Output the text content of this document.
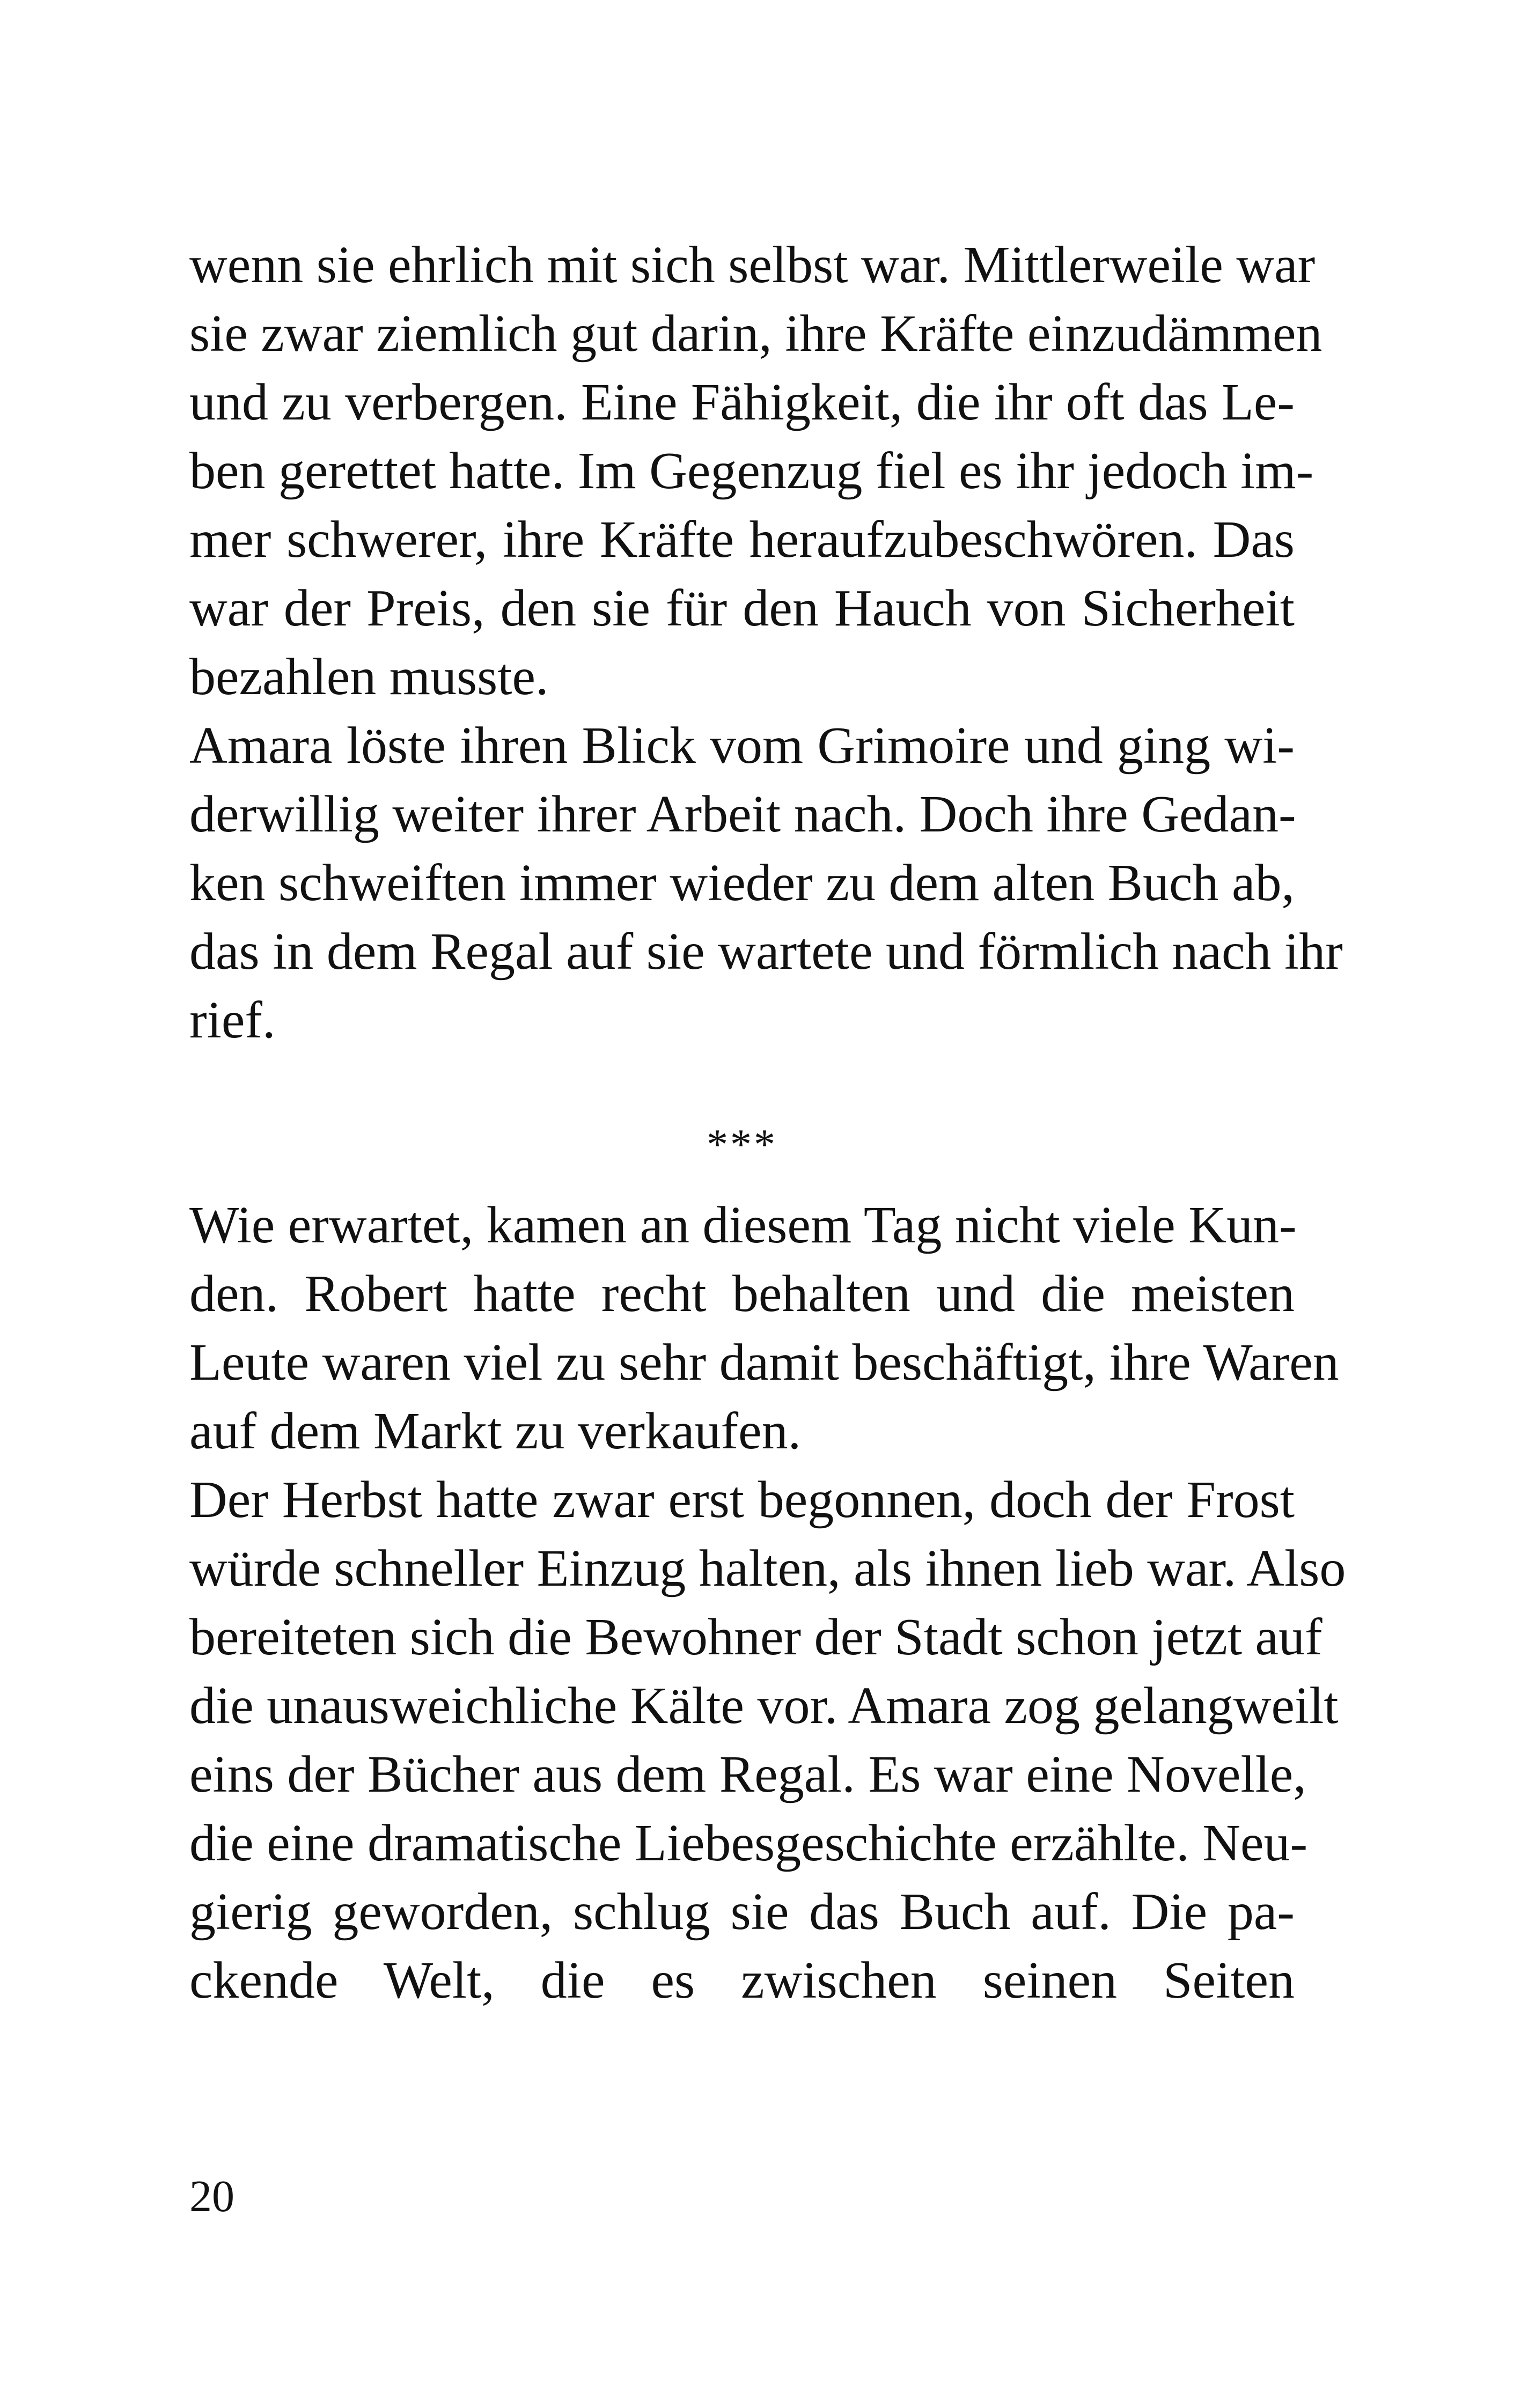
wenn sie ehrlich mit sich selbst war. Mittlerweile war
sie zwar ziemlich gut darin, ihre Kräfte einzudämmen
und zu verbergen. Eine Fähigkeit, die ihr oft das Le-
ben gerettet hatte. Im Gegenzug fiel es ihr jedoch im-
mer schwerer, ihre Kräfte heraufzubeschwören. Das
war der Preis, den sie für den Hauch von Sicherheit
bezahlen musste.
Amara löste ihren Blick vom Grimoire und ging wi-
derwillig weiter ihrer Arbeit nach. Doch ihre Gedan-
ken schweiften immer wieder zu dem alten Buch ab,
das in dem Regal auf sie wartete und förmlich nach ihr
rief.
***
Wie erwartet, kamen an diesem Tag nicht viele Kun-
den. Robert hatte recht behalten und die meisten
Leute waren viel zu sehr damit beschäftigt, ihre Waren
auf dem Markt zu verkaufen.
Der Herbst hatte zwar erst begonnen, doch der Frost
würde schneller Einzug halten, als ihnen lieb war. Also
bereiteten sich die Bewohner der Stadt schon jetzt auf
die unausweichliche Kälte vor. Amara zog gelangweilt
eins der Bücher aus dem Regal. Es war eine Novelle,
die eine dramatische Liebesgeschichte erzählte. Neu-
gierig geworden, schlug sie das Buch auf. Die pa-
ckende Welt, die es zwischen seinen Seiten
20
